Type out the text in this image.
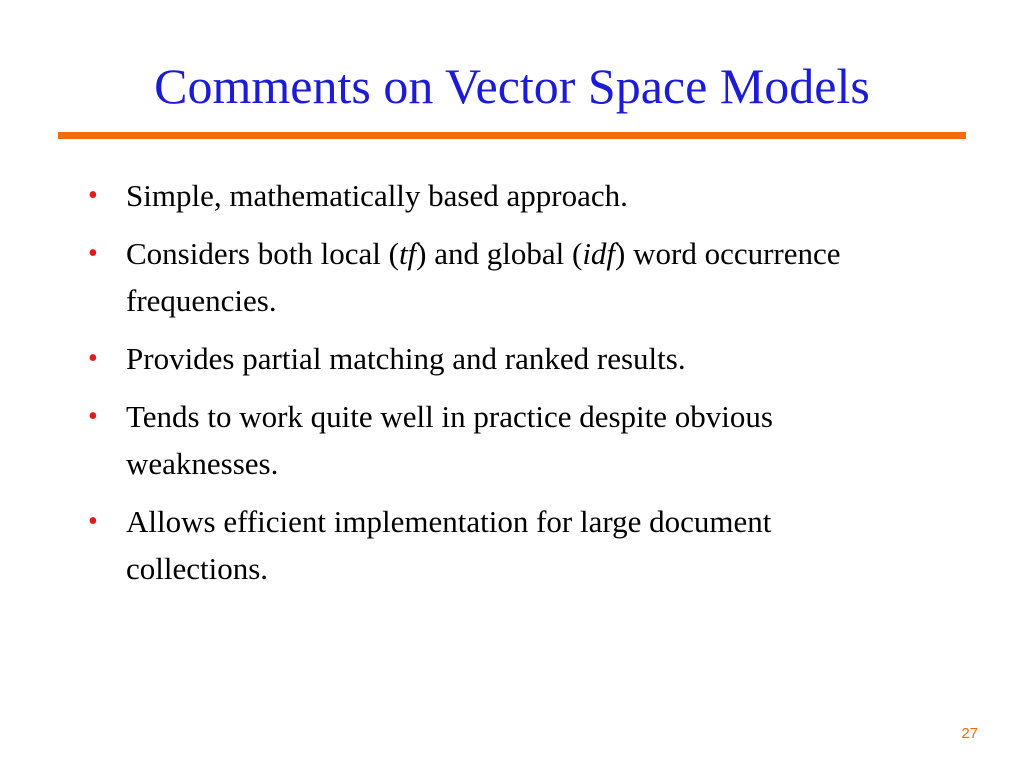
Comments on Vector Space Models
• Simple, mathematically based approach.
• Considers both local (tf) and global (idf) word occurrence frequencies.
• Provides partial matching and ranked results.
• Tends to work quite well in practice despite obvious weaknesses.
• Allows efficient implementation for large document collections.
27
